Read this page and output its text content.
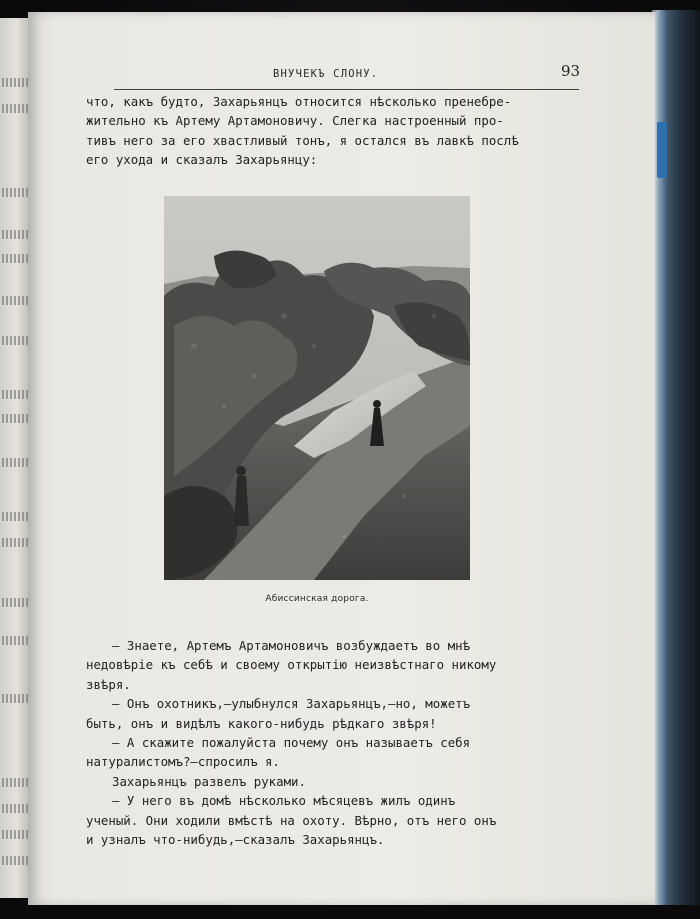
ВНУЧЕКЪ СЛОНУ.	93

что, какъ будто, Захарьянцъ относится нѣсколько пренебре-

жительно къ Артему Артамоновичу. Слегка настроенный про-

тивъ него за его хвастливый тонъ, я остался въ лавкѣ послѣ

его ухода и сказалъ Захарьянцу:

Абиссинская дорога.

— Знаете, Артемъ Артамоновичъ возбуждаетъ во мнѣ

недовѣріе къ себѣ и своему открытію неизвѣстнаго никому

звѣря.

— Онъ охотникъ,—улыбнулся Захарьянцъ,—но, можетъ

быть, онъ и видѣлъ какого-нибудь рѣдкаго звѣря!

— А скажите пожалуйста почему онъ называетъ себя

натуралистомъ?—спросилъ я.

Захарьянцъ развелъ руками.

— У него въ домѣ нѣсколько мѣсяцевъ жилъ одинъ

ученый. Они ходили вмѣстѣ на охоту. Вѣрно, отъ него онъ

и узналъ что-нибудь,—сказалъ Захарьянцъ.
